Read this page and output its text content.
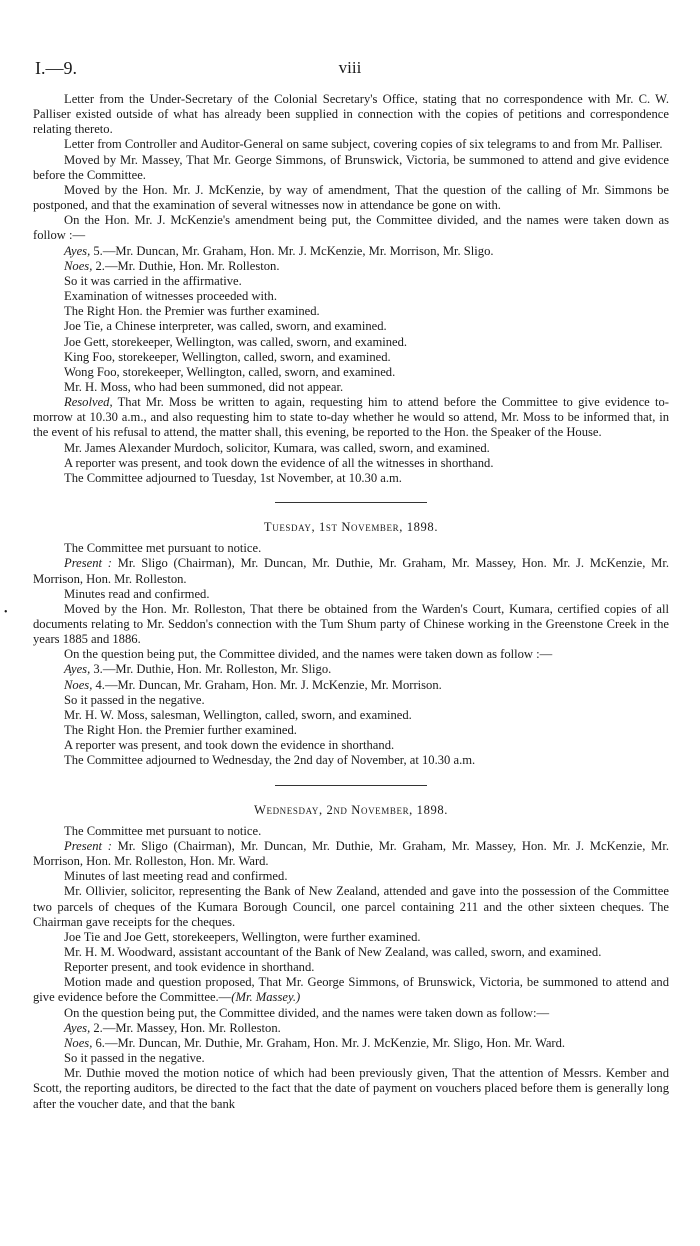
I.—9.	viii
•

Letter from the Under-Secretary of the Colonial Secretary's Office, stating that no correspondence with Mr. C. W. Palliser existed outside of what has already been supplied in connection with the copies of petitions and correspondence relating thereto.

Letter from Controller and Auditor-General on same subject, covering copies of six telegrams to and from Mr. Palliser.

Moved by Mr. Massey, That Mr. George Simmons, of Brunswick, Victoria, be summoned to attend and give evidence before the Committee.

Moved by the Hon. Mr. J. McKenzie, by way of amendment, That the question of the calling of Mr. Simmons be postponed, and that the examination of several witnesses now in attendance be gone on with.

On the Hon. Mr. J. McKenzie's amendment being put, the Committee divided, and the names were taken down as follow :—

Ayes, 5.—Mr. Duncan, Mr. Graham, Hon. Mr. J. McKenzie, Mr. Morrison, Mr. Sligo.

Noes, 2.—Mr. Duthie, Hon. Mr. Rolleston.

So it was carried in the affirmative.

Examination of witnesses proceeded with.

The Right Hon. the Premier was further examined.

Joe Tie, a Chinese interpreter, was called, sworn, and examined.

Joe Gett, storekeeper, Wellington, was called, sworn, and examined.

King Foo, storekeeper, Wellington, called, sworn, and examined.

Wong Foo, storekeeper, Wellington, called, sworn, and examined.

Mr. H. Moss, who had been summoned, did not appear.

Resolved, That Mr. Moss be written to again, requesting him to attend before the Committee to give evidence to-morrow at 10.30 a.m., and also requesting him to state to-day whether he would so attend, Mr. Moss to be informed that, in the event of his refusal to attend, the matter shall, this evening, be reported to the Hon. the Speaker of the House.

Mr. James Alexander Murdoch, solicitor, Kumara, was called, sworn, and examined.

A reporter was present, and took down the evidence of all the witnesses in shorthand.

The Committee adjourned to Tuesday, 1st November, at 10.30 a.m.

Tuesday, 1st November, 1898.

The Committee met pursuant to notice.

Present : Mr. Sligo (Chairman), Mr. Duncan, Mr. Duthie, Mr. Graham, Mr. Massey, Hon. Mr. J. McKenzie, Mr. Morrison, Hon. Mr. Rolleston.

Minutes read and confirmed.

Moved by the Hon. Mr. Rolleston, That there be obtained from the Warden's Court, Kumara, certified copies of all documents relating to Mr. Seddon's connection with the Tum Shum party of Chinese working in the Greenstone Creek in the years 1885 and 1886.

On the question being put, the Committee divided, and the names were taken down as follow :—

Ayes, 3.—Mr. Duthie, Hon. Mr. Rolleston, Mr. Sligo.

Noes, 4.—Mr. Duncan, Mr. Graham, Hon. Mr. J. McKenzie, Mr. Morrison.

So it passed in the negative.

Mr. H. W. Moss, salesman, Wellington, called, sworn, and examined.

The Right Hon. the Premier further examined.

A reporter was present, and took down the evidence in shorthand.

The Committee adjourned to Wednesday, the 2nd day of November, at 10.30 a.m.

Wednesday, 2nd November, 1898.

The Committee met pursuant to notice.

Present : Mr. Sligo (Chairman), Mr. Duncan, Mr. Duthie, Mr. Graham, Mr. Massey, Hon. Mr. J. McKenzie, Mr. Morrison, Hon. Mr. Rolleston, Hon. Mr. Ward.

Minutes of last meeting read and confirmed.

Mr. Ollivier, solicitor, representing the Bank of New Zealand, attended and gave into the possession of the Committee two parcels of cheques of the Kumara Borough Council, one parcel containing 211 and the other sixteen cheques. The Chairman gave receipts for the cheques.

Joe Tie and Joe Gett, storekeepers, Wellington, were further examined.

Mr. H. M. Woodward, assistant accountant of the Bank of New Zealand, was called, sworn, and examined.

Reporter present, and took evidence in shorthand.

Motion made and question proposed, That Mr. George Simmons, of Brunswick, Victoria, be summoned to attend and give evidence before the Committee.—(Mr. Massey.)

On the question being put, the Committee divided, and the names were taken down as follow:—

Ayes, 2.—Mr. Massey, Hon. Mr. Rolleston.

Noes, 6.—Mr. Duncan, Mr. Duthie, Mr. Graham, Hon. Mr. J. McKenzie, Mr. Sligo, Hon. Mr. Ward.

So it passed in the negative.

Mr. Duthie moved the motion notice of which had been previously given, That the attention of Messrs. Kember and Scott, the reporting auditors, be directed to the fact that the date of payment on vouchers placed before them is generally long after the voucher date, and that the bank
